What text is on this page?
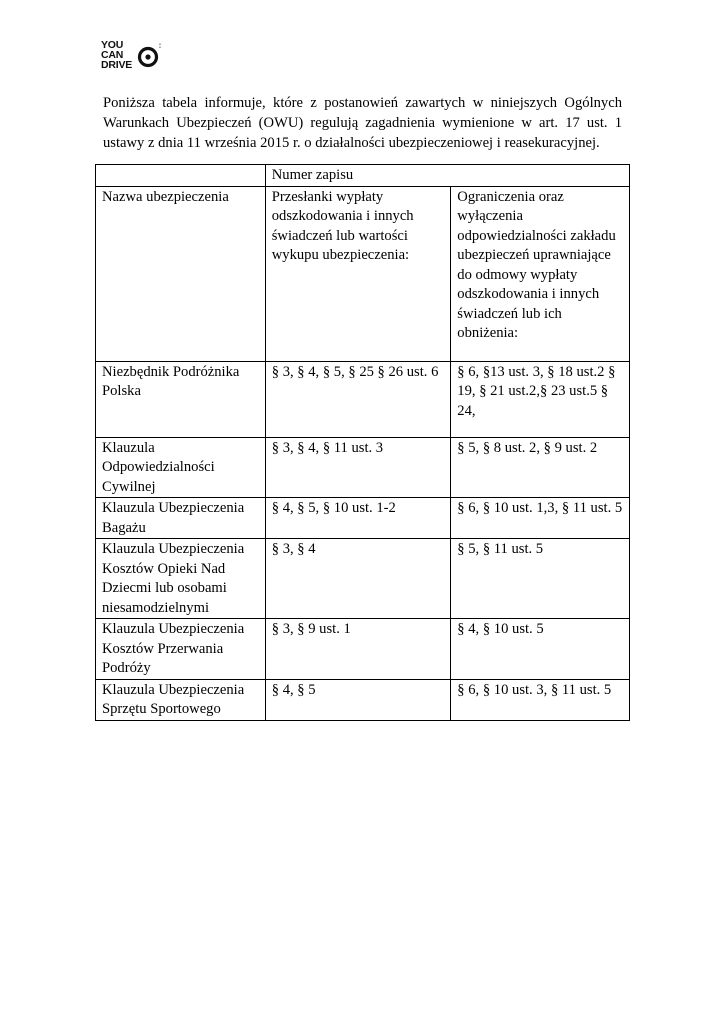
YOU
CAN
DRIVE
▪▪
▪▪

Poniższa tabela informuje, które z postanowień zawartych w niniejszych Ogólnych Warunkach Ubezpieczeń (OWU) regulują zagadnienia wymienione w art. 17 ust. 1 ustawy z dnia 11 września 2015 r. o działalności ubezpieczeniowej i reasekuracyjnej.

	Numer zapisu	
Nazwa ubezpieczenia	Przesłanki wypłaty odszkodowania i innych świadczeń lub wartości wykupu ubezpieczenia:	Ograniczenia oraz wyłączenia odpowiedzialności zakładu ubezpieczeń uprawniające do odmowy wypłaty odszkodowania i innych świadczeń lub ich obniżenia:
Niezbędnik Podróżnika Polska	§ 3, § 4, § 5, § 25 § 26 ust. 6	§ 6, §13 ust. 3, § 18 ust.2 § 19, § 21 ust.2,§ 23 ust.5 § 24,
Klauzula Odpowiedzialności Cywilnej	§ 3, § 4, § 11 ust. 3	§ 5, § 8 ust. 2, § 9 ust. 2
Klauzula Ubezpieczenia Bagażu	§ 4, § 5, § 10 ust. 1-2	§ 6, § 10 ust. 1,3, § 11 ust. 5
Klauzula Ubezpieczenia Kosztów Opieki Nad Dziecmi lub osobami niesamodzielnymi	§ 3, § 4	§ 5, § 11 ust. 5
Klauzula Ubezpieczenia Kosztów Przerwania Podróży	§ 3, § 9 ust. 1	§ 4, § 10 ust. 5
Klauzula Ubezpieczenia Sprzętu Sportowego	§ 4, § 5	§ 6, § 10 ust. 3, § 11 ust. 5
